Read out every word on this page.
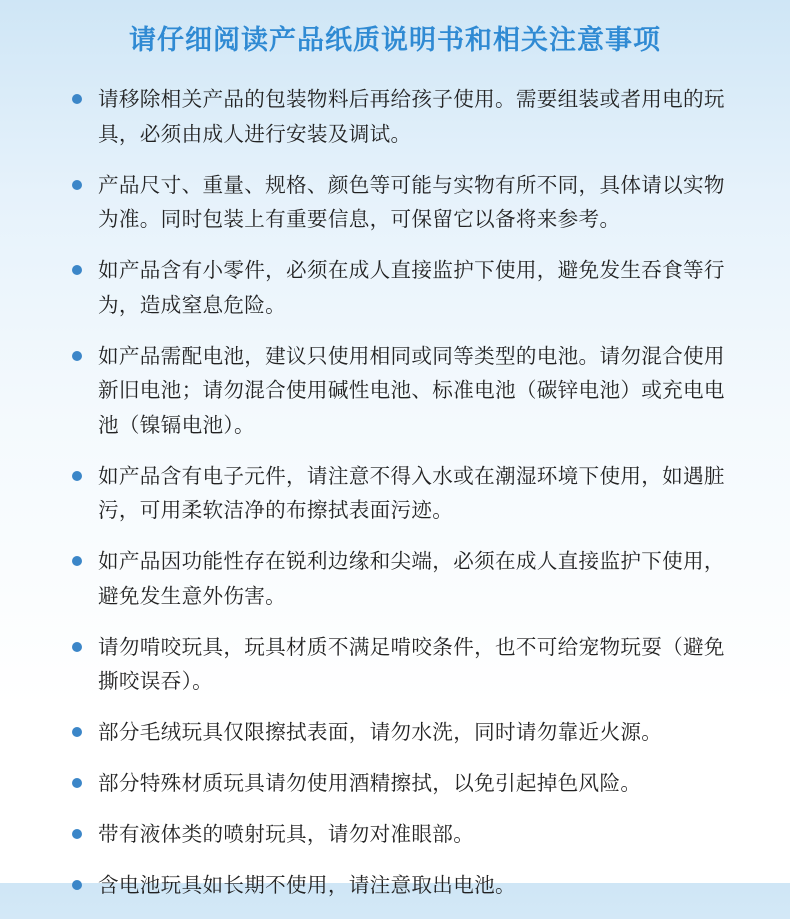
请仔细阅读产品纸质说明书和相关注意事项
请移除相关产品的包装物料后再给孩子使用。需要组装或者用电的玩具，必须由成人进行安装及调试。
产品尺寸、重量、规格、颜色等可能与实物有所不同，具体请以实物为准。同时包装上有重要信息，可保留它以备将来参考。
如产品含有小零件，必须在成人直接监护下使用，避免发生吞食等行为，造成窒息危险。
如产品需配电池，建议只使用相同或同等类型的电池。请勿混合使用新旧电池；请勿混合使用碱性电池、标准电池（碳锌电池）或充电电池（镍镉电池）。
如产品含有电子元件，请注意不得入水或在潮湿环境下使用，如遇脏污，可用柔软洁净的布擦拭表面污迹。
如产品因功能性存在锐利边缘和尖端，必须在成人直接监护下使用，避免发生意外伤害。
请勿啃咬玩具，玩具材质不满足啃咬条件，也不可给宠物玩耍（避免撕咬误吞）。
部分毛绒玩具仅限擦拭表面，请勿水洗，同时请勿靠近火源。
部分特殊材质玩具请勿使用酒精擦拭，以免引起掉色风险。
带有液体类的喷射玩具，请勿对准眼部。
含电池玩具如长期不使用，请注意取出电池。
